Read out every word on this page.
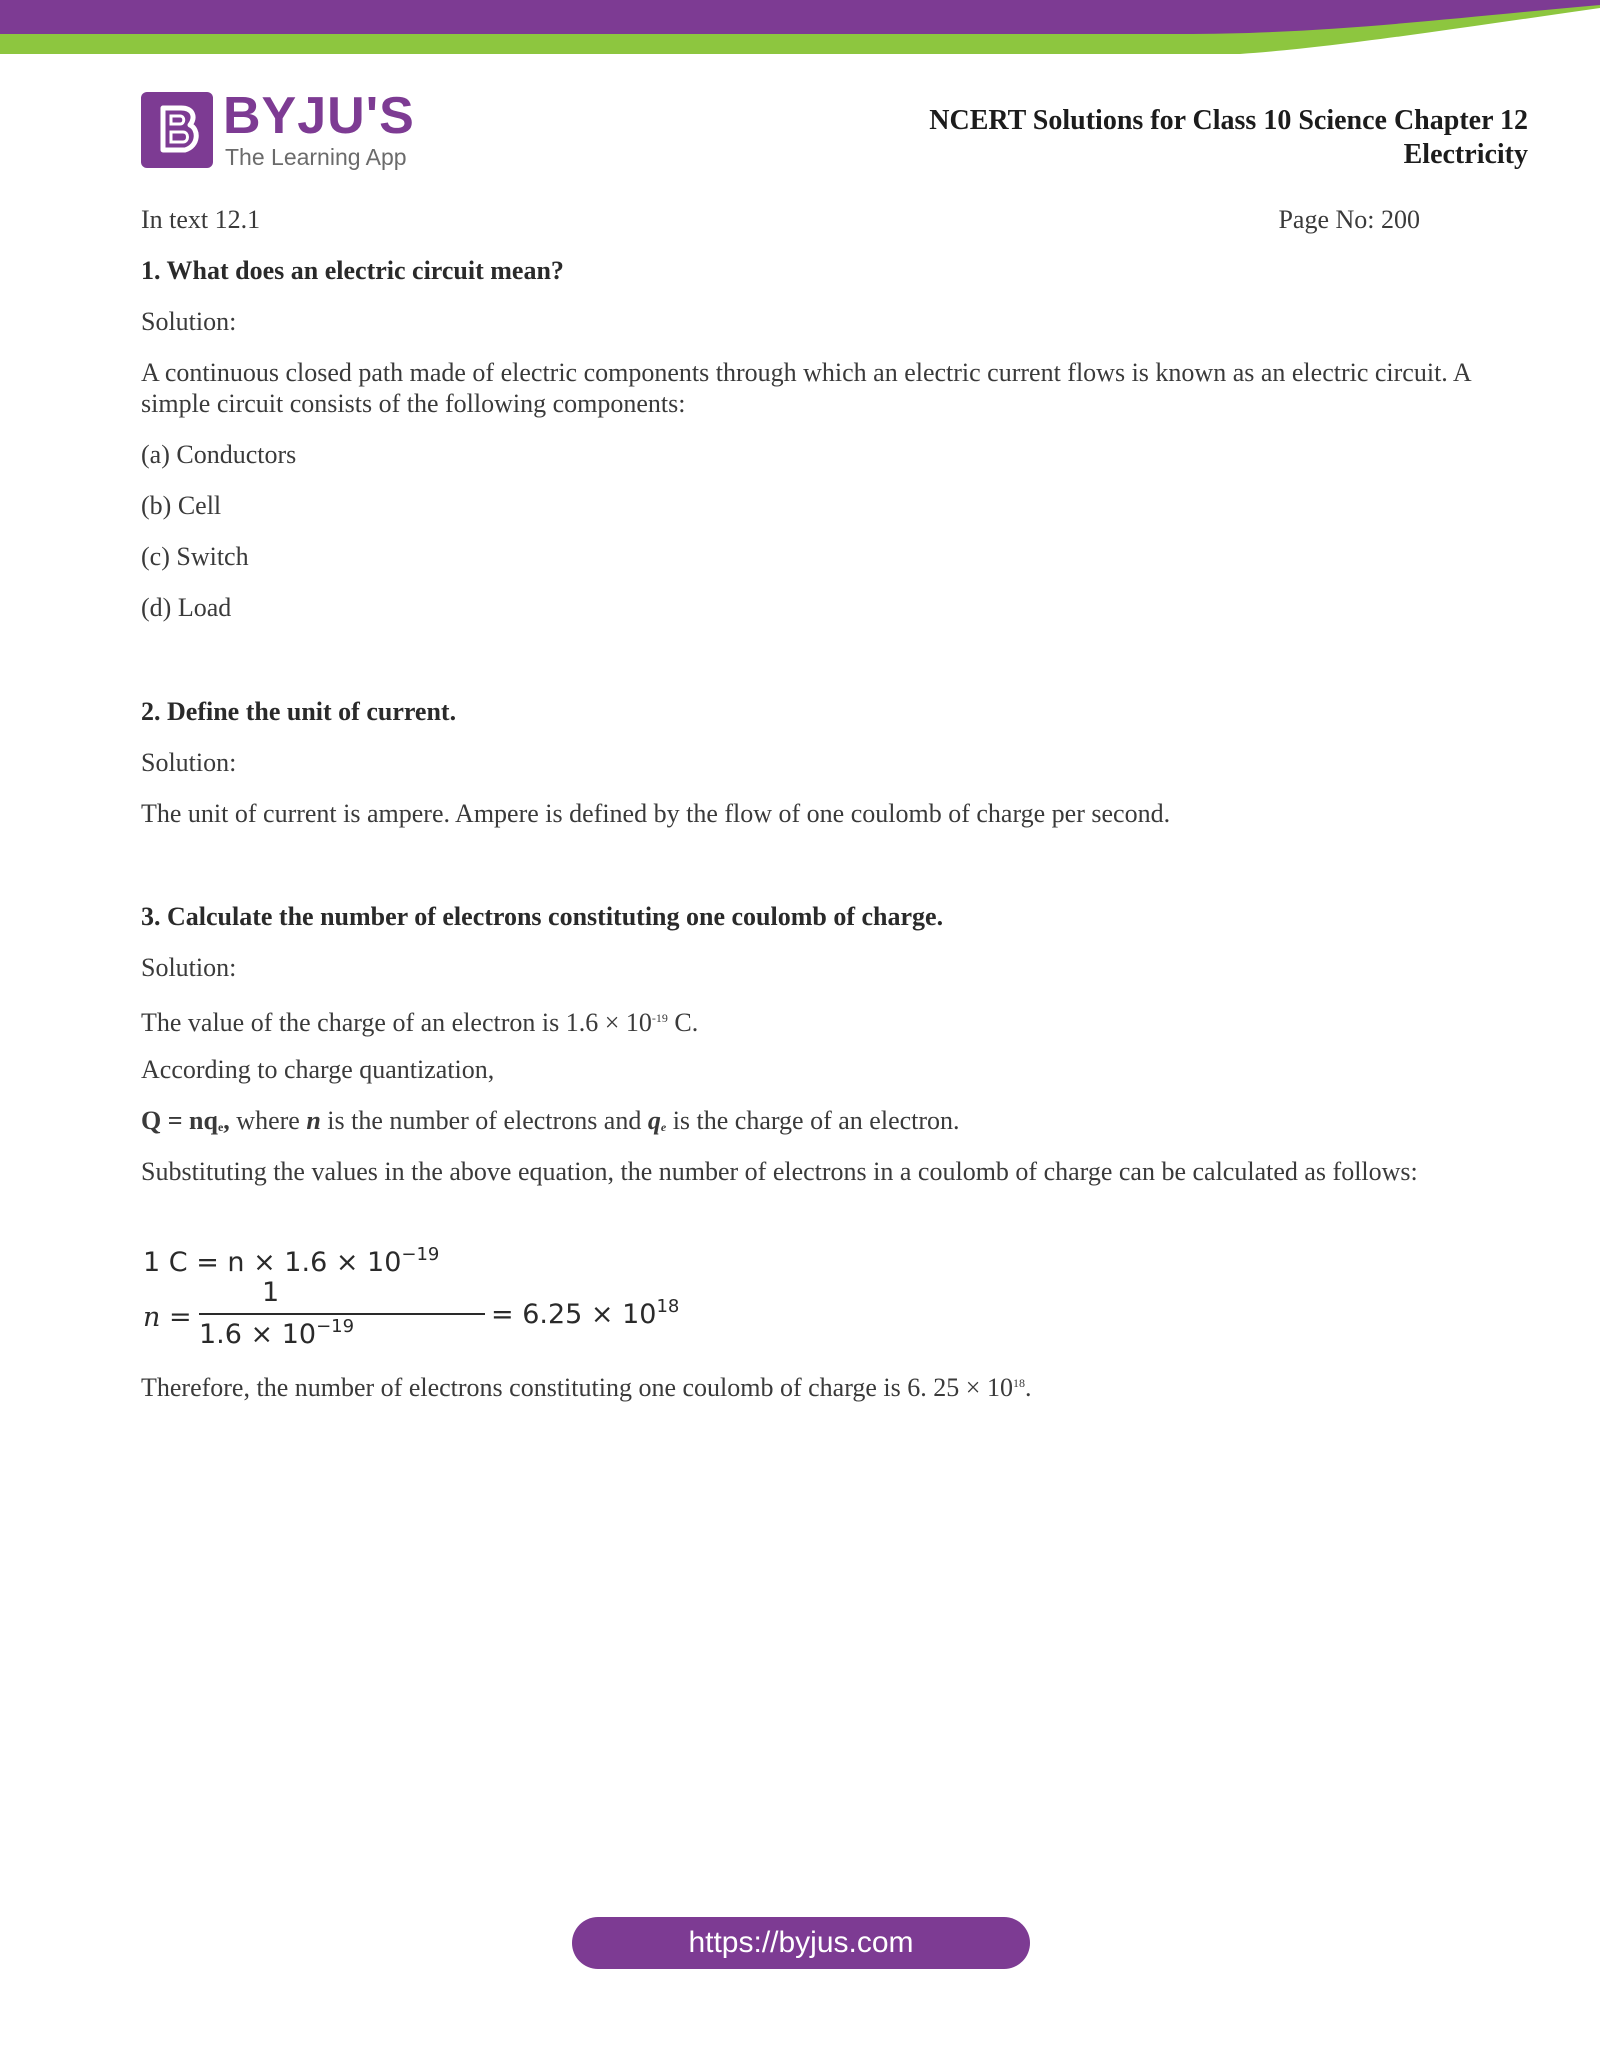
BYJU'S
The Learning App
NCERT Solutions for Class 10 Science Chapter 12
Electricity
In text 12.1	Page No: 200
1. What does an electric circuit mean?
Solution:
A continuous closed path made of electric components through which an electric current flows is known as an electric circuit. A simple circuit consists of the following components:
(a) Conductors
(b) Cell
(c) Switch
(d) Load
2. Define the unit of current.
Solution:
The unit of current is ampere. Ampere is defined by the flow of one coulomb of charge per second.
3. Calculate the number of electrons constituting one coulomb of charge.
Solution:
The value of the charge of an electron is $1.6 \times 10^{-19}$ C.
According to charge quantization,
$Q = nq_e$, where n is the number of electrons and $q_e$ is the charge of an electron.
Substituting the values in the above equation, the number of electrons in a coulomb of charge can be calculated as follows:
1 $C = n \times 1.6 \times 10^{-19}$
n =
1
$1.6 \times 10^{-19}$	= $6.25 \times 10^{18}$
Therefore, the number of electrons constituting one coulomb of charge is 6. $25 \times 10^{18}$.
https://byjus.com
